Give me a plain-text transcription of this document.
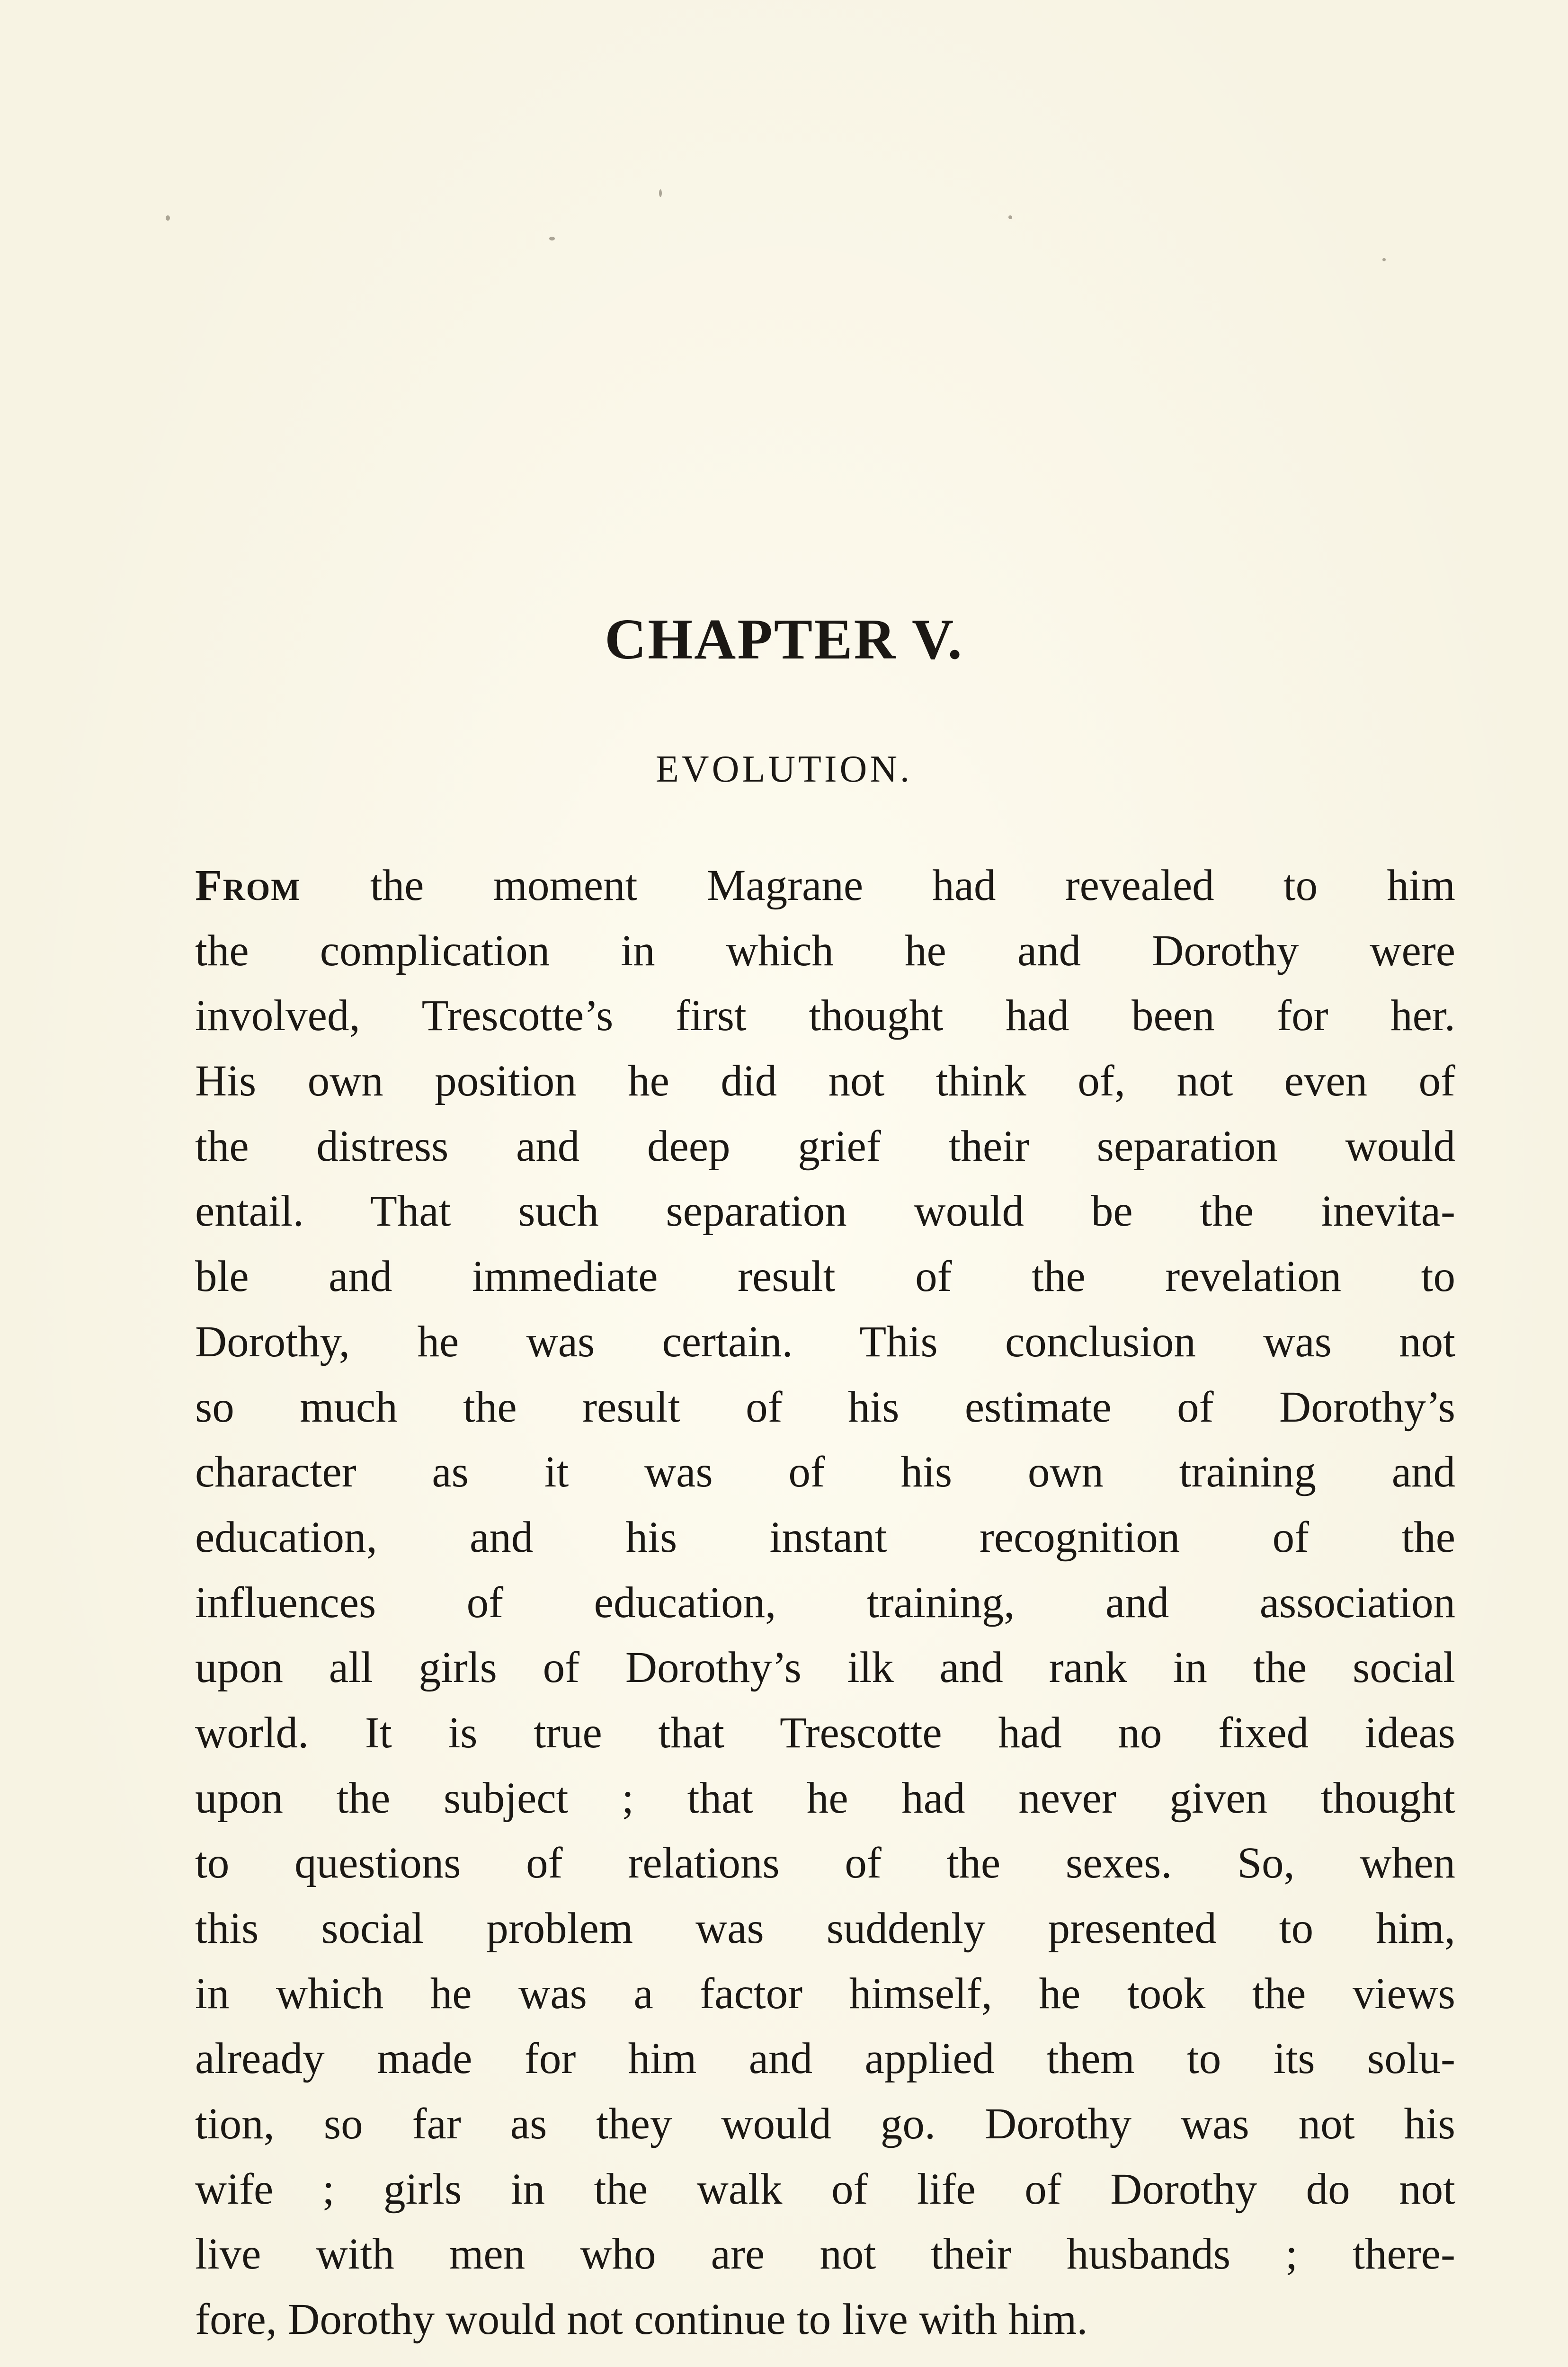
CHAPTER V.
EVOLUTION.
From the moment Magrane had revealed to him
the complication in which he and Dorothy were
involved, Trescotte’s first thought had been for her.
His own position he did not think of, not even of
the distress and deep grief their separation would
entail. That such separation would be the inevita-
ble and immediate result of the revelation to
Dorothy, he was certain. This conclusion was not
so much the result of his estimate of Dorothy’s
character as it was of his own training and
education, and his instant recognition of the
influences of education, training, and association
upon all girls of Dorothy’s ilk and rank in the social
world. It is true that Trescotte had no fixed ideas
upon the subject ; that he had never given thought
to questions of relations of the sexes. So, when
this social problem was suddenly presented to him,
in which he was a factor himself, he took the views
already made for him and applied them to its solu-
tion, so far as they would go. Dorothy was not his
wife ; girls in the walk of life of Dorothy do not
live with men who are not their husbands ; there-
fore, Dorothy would not continue to live with him.
